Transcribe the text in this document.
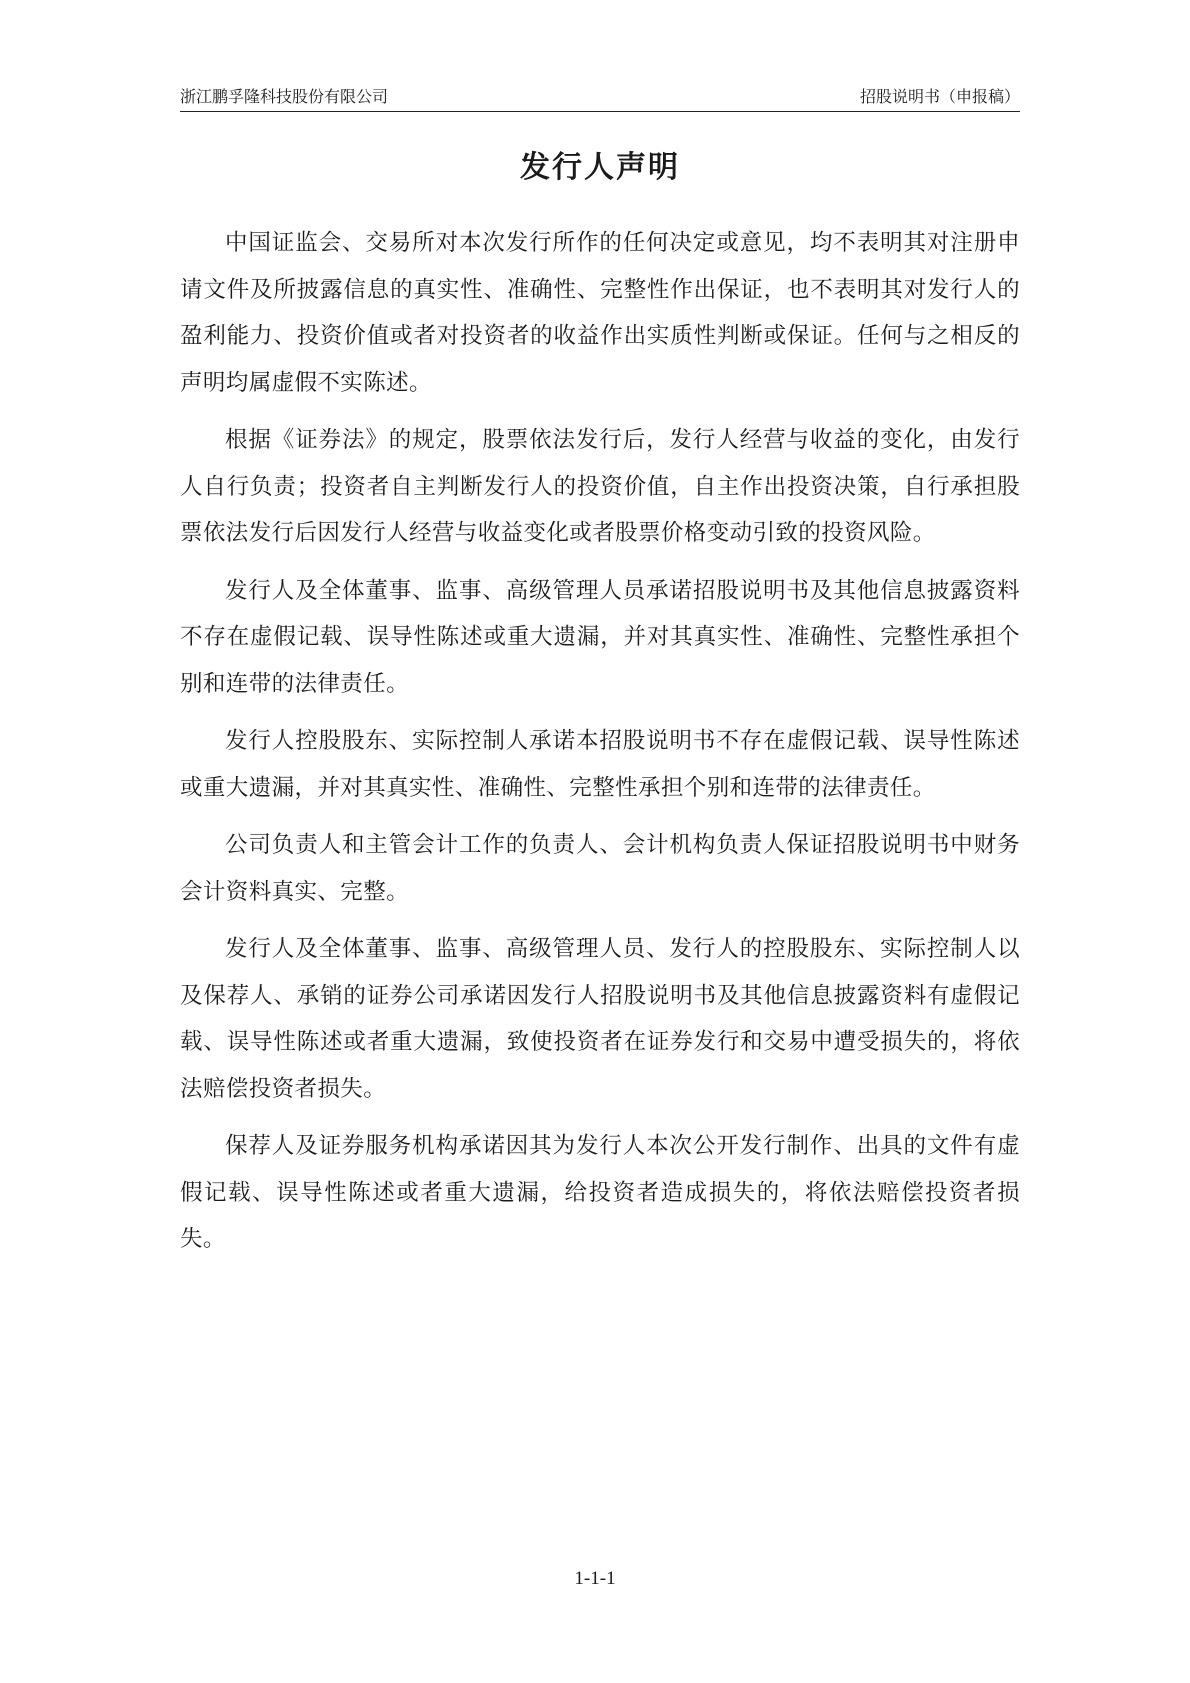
浙江鹏孚隆科技股份有限公司	招股说明书（申报稿）
发行人声明

中国证监会、交易所对本次发行所作的任何决定或意见，均不表明其对注册申请文件及所披露信息的真实性、准确性、完整性作出保证，也不表明其对发行人的盈利能力、投资价值或者对投资者的收益作出实质性判断或保证。任何与之相反的声明均属虚假不实陈述。

根据《证券法》的规定，股票依法发行后，发行人经营与收益的变化，由发行人自行负责；投资者自主判断发行人的投资价值，自主作出投资决策，自行承担股票依法发行后因发行人经营与收益变化或者股票价格变动引致的投资风险。

发行人及全体董事、监事、高级管理人员承诺招股说明书及其他信息披露资料不存在虚假记载、误导性陈述或重大遗漏，并对其真实性、准确性、完整性承担个别和连带的法律责任。

发行人控股股东、实际控制人承诺本招股说明书不存在虚假记载、误导性陈述或重大遗漏，并对其真实性、准确性、完整性承担个别和连带的法律责任。

公司负责人和主管会计工作的负责人、会计机构负责人保证招股说明书中财务会计资料真实、完整。

发行人及全体董事、监事、高级管理人员、发行人的控股股东、实际控制人以及保荐人、承销的证券公司承诺因发行人招股说明书及其他信息披露资料有虚假记载、误导性陈述或者重大遗漏，致使投资者在证券发行和交易中遭受损失的，将依法赔偿投资者损失。

保荐人及证券服务机构承诺因其为发行人本次公开发行制作、出具的文件有虚假记载、误导性陈述或者重大遗漏，给投资者造成损失的，将依法赔偿投资者损失。

1-1-1
